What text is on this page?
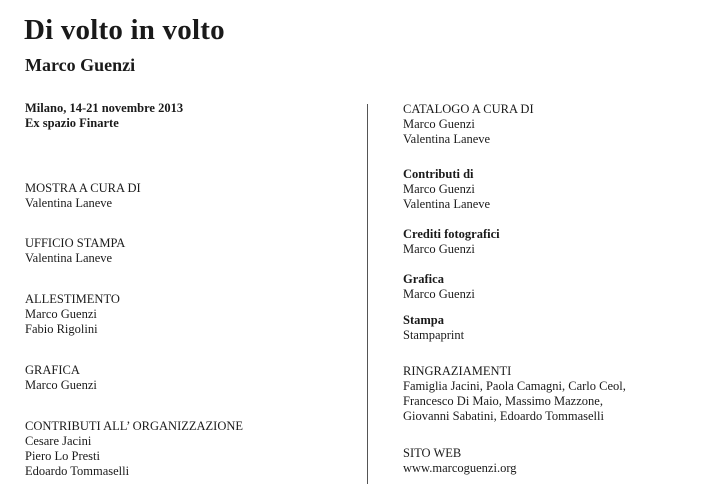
Di volto in volto
Marco Guenzi
Milano, 14-21 novembre 2013
Ex spazio Finarte
MOSTRA A CURA DI
Valentina Laneve
UFFICIO STAMPA
Valentina Laneve
ALLESTIMENTO
Marco Guenzi
Fabio Rigolini
GRAFICA
Marco Guenzi
CONTRIBUTI ALL’ ORGANIZZAZIONE
Cesare Jacini
Piero Lo Presti
Edoardo Tommaselli
CATALOGO A CURA DI
Marco Guenzi
Valentina Laneve
Contributi di
Marco Guenzi
Valentina Laneve
Crediti fotografici
Marco Guenzi
Grafica
Marco Guenzi
Stampa
Stampaprint
RINGRAZIAMENTI
Famiglia Jacini, Paola Camagni, Carlo Ceol,
Francesco Di Maio, Massimo Mazzone,
Giovanni Sabatini, Edoardo Tommaselli
SITO WEB
www.marcoguenzi.org
